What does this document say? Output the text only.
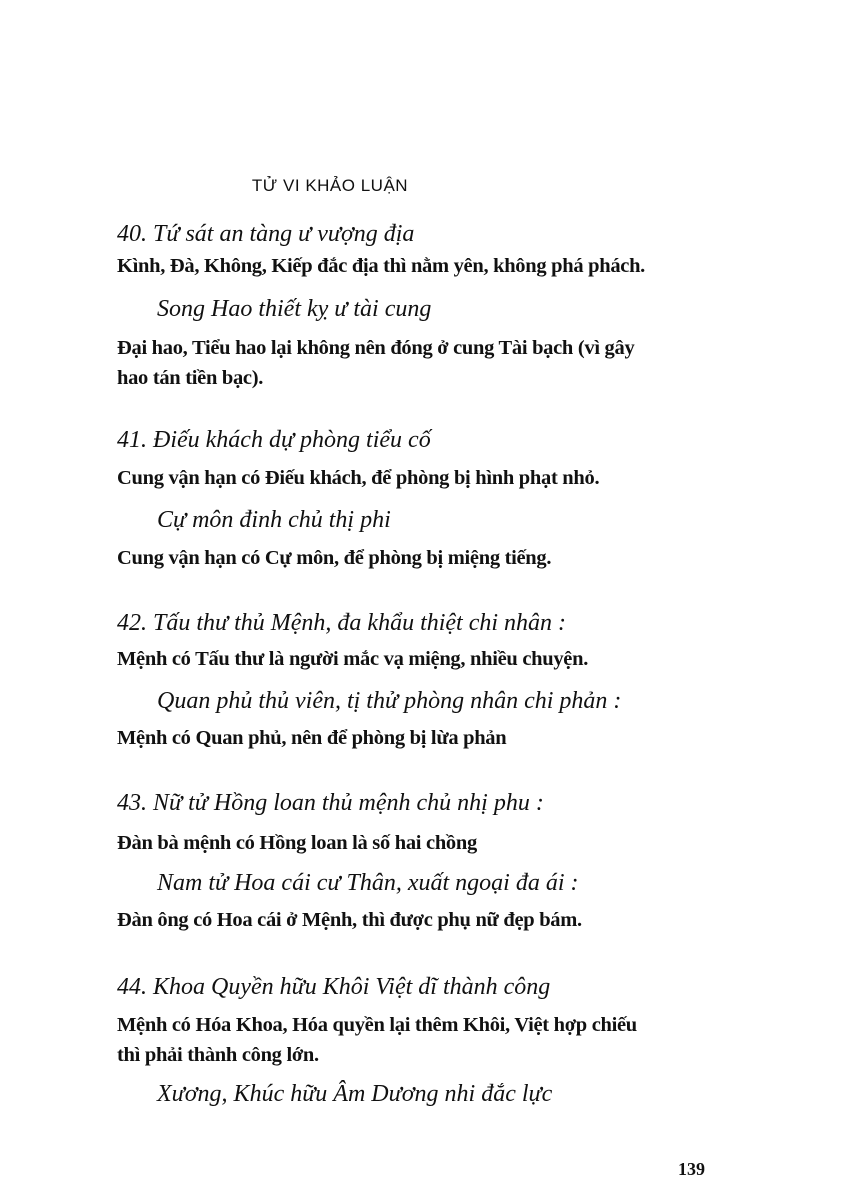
TỬ VI KHẢO LUẬN
40. Tứ sát an tàng ư vượng địa
Kình, Đà, Không, Kiếp đắc địa thì nằm yên, không phá phách.
Song Hao thiết kỵ ư tài cung
Đại hao, Tiểu hao lại không nên đóng ở cung Tài bạch (vì gây
hao tán tiền bạc).
41. Điếu khách dự phòng tiểu cố
Cung vận hạn có Điếu khách, để phòng bị hình phạt nhỏ.
Cự môn đinh chủ thị phi
Cung vận hạn có Cự môn, để phòng bị miệng tiếng.
42. Tấu thư thủ Mệnh, đa khẩu thiệt chi nhân :
Mệnh có Tấu thư là người mắc vạ miệng, nhiều chuyện.
Quan phủ thủ viên, tị thử phòng nhân chi phản :
Mệnh có Quan phủ, nên để phòng bị lừa phản
43. Nữ tử Hồng loan thủ mệnh chủ nhị phu :
Đàn bà mệnh có Hồng loan là số hai chồng
Nam tử Hoa cái cư Thân, xuất ngoại đa ái :
Đàn ông có Hoa cái ở Mệnh, thì được phụ nữ đẹp bám.
44. Khoa Quyền hữu Khôi Việt dĩ thành công
Mệnh có Hóa Khoa, Hóa quyền lại thêm Khôi, Việt hợp chiếu
thì phải thành công lớn.
Xương, Khúc hữu Âm Dương nhi đắc lực
139
